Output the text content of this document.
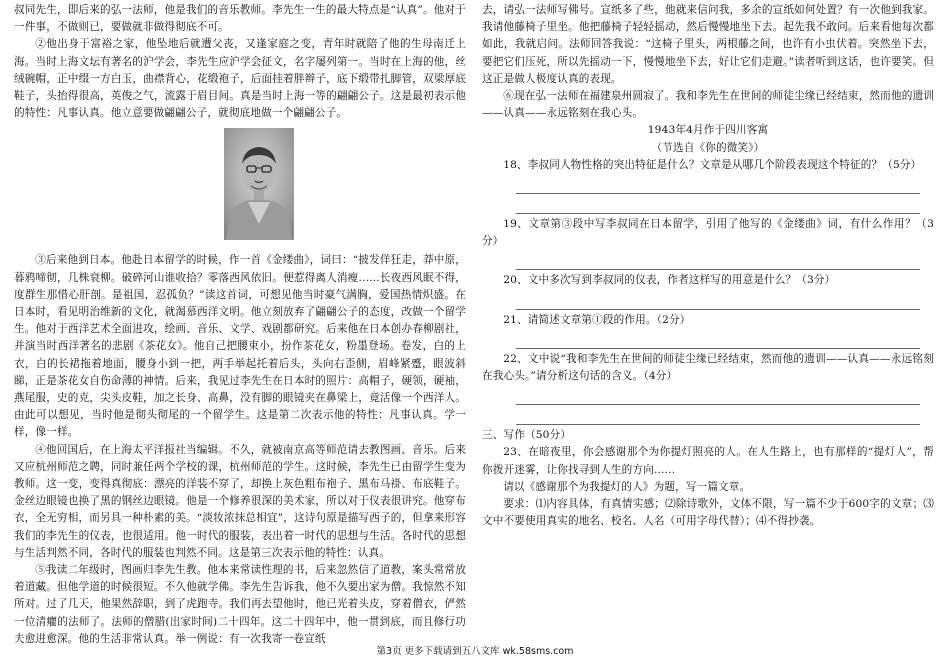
叔同先生，即后来的弘一法师，他是我们的音乐教师。李先生一生的最大特点是“认真”。他对于一件事，不做则已，要做就非做得彻底不可。

②他出身于富裕之家，他坠地后就遭父丧，又逢家庭之变，青年时就陪了他的生母南迁上海。当时上海文坛有著名的沪学会，李先生应沪学会征文，名字屡列第一。当时在上海的他，丝绒碗帽，正中缀一方白玉，曲襟背心，花缎袍子，后面挂着胖辫子，底下缎带扎脚管，双梁厚底鞋子，头抬得很高，英俊之气，流露于眉目间。真是当时上海一等的翩翩公子。这是最初表示他的特性：凡事认真。他立意要做翩翩公子，就彻底地做一个翩翩公子。

③后来他到日本。他赴日本留学的时候，作一首《金缕曲》，词曰：“披发佯狂走，莽中原，暮鸦啼彻，几株衰柳。破碎河山谁收拾？零落西风依旧。便惹得离人消瘦……长夜西风眠不得，度群生那惜心肝剖。是祖国，忍孤负？”读这首词，可想见他当时豪气满胸，爱国热情炽盛。在日本时，看见明治维新的文化，就渴慕西洋文明。他立刻放弃了翩翩公子的态度，改做一个留学生。他对于西洋艺术全面进攻，绘画、音乐、文学、戏剧都研究。后来他在日本创办春柳剧社，并演当时西洋著名的悲剧《茶花女》。他自己把腰束小，扮作茶花女，粉墨登场。卷发，白的上衣，白的长裙拖着地面，腰身小到一把，两手举起托着后头，头向右歪侧，眉峰紧蹙，眼波斜睇，正是茶花女自伤命薄的神情。后来，我见过李先生在日本时的照片：高帽子，硬领，硬袖，燕尾服，史的克，尖头皮鞋，加之长身、高鼻，没有脚的眼镜夹在鼻梁上，竟活像一个西洋人。由此可以想见，当时他是彻头彻尾的一个留学生。这是第二次表示他的特性：凡事认真。学一样，像一样。

④他回国后，在上海太平洋报社当编辑。不久，就被南京高等师范请去教图画、音乐。后来又应杭州师范之聘，同时兼任两个学校的课，杭州师范的学生。这时候，李先生已由留学生变为教师。这一变，变得真彻底：漂亮的洋装不穿了，却换上灰色粗布袍子、黑布马褂、布底鞋子。金丝边眼镜也换了黑的钢丝边眼镜。他是一个修养很深的美术家，所以对于仪表很讲究。他穿布衣，全无穷相，而另具一种朴素的美。“淡妆浓抹总相宜”，这诗句原是描写西子的，但拿来形容我们的李先生的仪表，也很适用。他一时代的服装，表出着一时代的思想与生活。各时代的思想与生活判然不同，各时代的服装也判然不同。这是第三次表示他的特性：认真。

⑤我读二年级时，图画归李先生教。他本来常读性理的书，后来忽然信了道教，案头常常放着道藏。但他学道的时候很短。不久他就学佛。李先生告诉我，他不久要出家为僧。我惊然不知所对。过了几天，他果然辞职，到了虎跑寺。我们再去望他时，他已光着头皮，穿着僧衣，俨然一位清癯的法师了。法师的僧腊(出家时间)二十四年。这二十四年中，他一贯到底，而且修行功夫愈进愈深。他的生活非常认真。举一例说：有一次我寄一卷宣纸

去，请弘一法师写佛号。宣纸多了些，他就来信问我，多余的宣纸如何处置？有一次他到我家。我请他藤椅子里坐。他把藤椅子轻轻摇动，然后慢慢地坐下去。起先我不敢问。后来看他每次都如此，我就启问。法师回答我说：“这椅子里头，两根藤之间，也许有小虫伏着。突然坐下去，要把它们压死，所以先摇动一下，慢慢地坐下去，好让它们走避。”读者听到这话，也许要笑。但这正是做人极度认真的表现。

⑥现在弘一法师在福建泉州圆寂了。我和李先生在世间的师徒尘缘已经结束，然而他的遗训——认真——永远铭刻在我心头。

1943年4月作于四川客寓

（节选自《你的微笑》）

18、李叔同人物性格的突出特征是什么？文章是从哪几个阶段表现这个特征的？（5分）

19、文章第③段中写李叔同在日本留学，引用了他写的《金缕曲》词，有什么作用？（3分）

20、文中多次写到李叔同的仪表，作者这样写的用意是什么？（3分）

21、请简述文章第①段的作用。（2分）

22、文中说“我和李先生在世间的师徒尘缘已经结束，然而他的遗训——认真——永远铭刻在我心头。”请分析这句话的含义。（4分）

三、写作（50分）

23、在暗夜里，你会感谢那个为你提灯照亮的人。在人生路上，也有那样的“提灯人”，帮你拨开迷雾，让你找寻到人生的方向……

请以《感谢那个为我提灯的人》为题，写一篇文章。

要求：⑴内容具体，有真情实感；⑵除诗歌外，文体不限，写一篇不少于600字的文章；⑶文中不要使用真实的地名、校名、人名（可用字母代替）；⑷不得抄袭。

第3页 更多下载请到五八文库 wk.58sms.com
